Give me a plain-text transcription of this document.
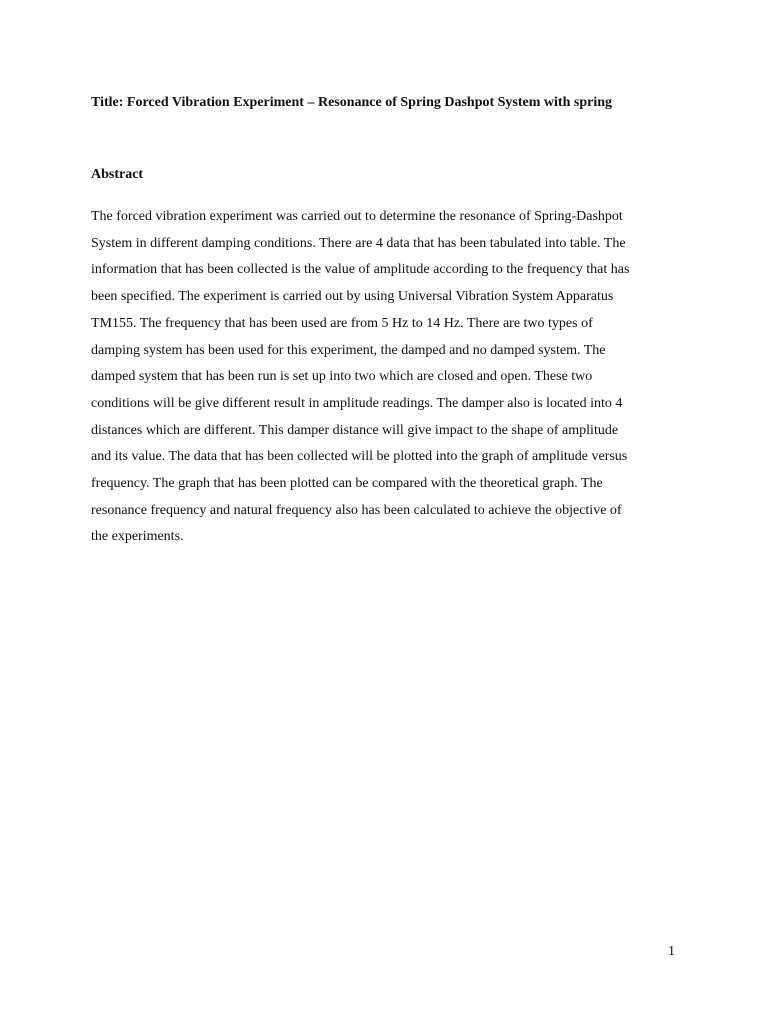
Title: Forced Vibration Experiment – Resonance of Spring Dashpot System with spring
Abstract
The forced vibration experiment was carried out to determine the resonance of Spring-Dashpot
System in different damping conditions. There are 4 data that has been tabulated into table. The
information that has been collected is the value of amplitude according to the frequency that has
been specified. The experiment is carried out by using Universal Vibration System Apparatus
TM155. The frequency that has been used are from 5 Hz to 14 Hz. There are two types of
damping system has been used for this experiment, the damped and no damped system. The
damped system that has been run is set up into two which are closed and open. These two
conditions will be give different result in amplitude readings. The damper also is located into 4
distances which are different. This damper distance will give impact to the shape of amplitude
and its value. The data that has been collected will be plotted into the graph of amplitude versus
frequency. The graph that has been plotted can be compared with the theoretical graph. The
resonance frequency and natural frequency also has been calculated to achieve the objective of
the experiments.
1
